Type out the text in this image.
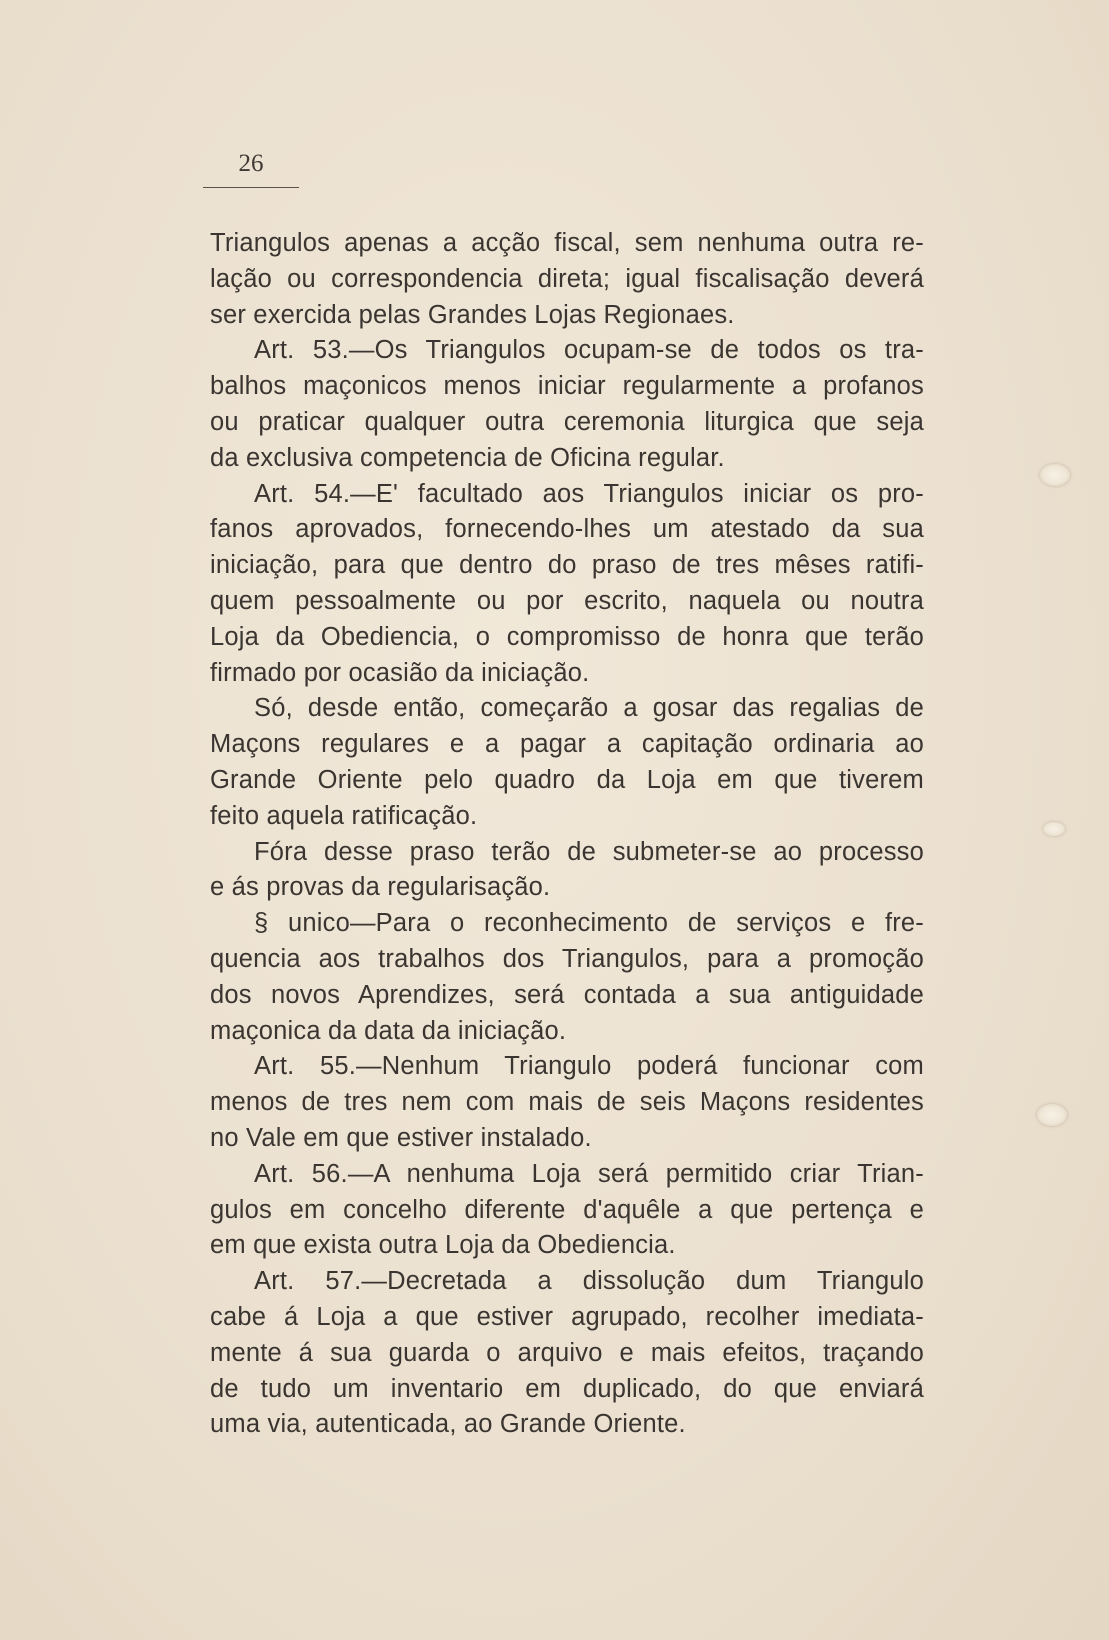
26
Triangulos apenas a acção fiscal, sem nenhuma outra re-
lação ou correspondencia direta; igual fiscalisação deverá
ser exercida pelas Grandes Lojas Regionaes.
Art. 53.—Os Triangulos ocupam-se de todos os tra-
balhos maçonicos menos iniciar regularmente a profanos
ou praticar qualquer outra ceremonia liturgica que seja
da exclusiva competencia de Oficina regular.
Art. 54.—E' facultado aos Triangulos iniciar os pro-
fanos aprovados, fornecendo-lhes um atestado da sua
iniciação, para que dentro do praso de tres mêses ratifi-
quem pessoalmente ou por escrito, naquela ou noutra
Loja da Obediencia, o compromisso de honra que terão
firmado por ocasião da iniciação.
Só, desde então, começarão a gosar das regalias de
Maçons regulares e a pagar a capitação ordinaria ao
Grande Oriente pelo quadro da Loja em que tiverem
feito aquela ratificação.
Fóra desse praso terão de submeter-se ao processo
e ás provas da regularisação.
§ unico—Para o reconhecimento de serviços e fre-
quencia aos trabalhos dos Triangulos, para a promoção
dos novos Aprendizes, será contada a sua antiguidade
maçonica da data da iniciação.
Art. 55.—Nenhum Triangulo poderá funcionar com
menos de tres nem com mais de seis Maçons residentes
no Vale em que estiver instalado.
Art. 56.—A nenhuma Loja será permitido criar Trian-
gulos em concelho diferente d'aquêle a que pertença e
em que exista outra Loja da Obediencia.
Art. 57.—Decretada a dissolução dum Triangulo
cabe á Loja a que estiver agrupado, recolher imediata-
mente á sua guarda o arquivo e mais efeitos, traçando
de tudo um inventario em duplicado, do que enviará
uma via, autenticada, ao Grande Oriente.
